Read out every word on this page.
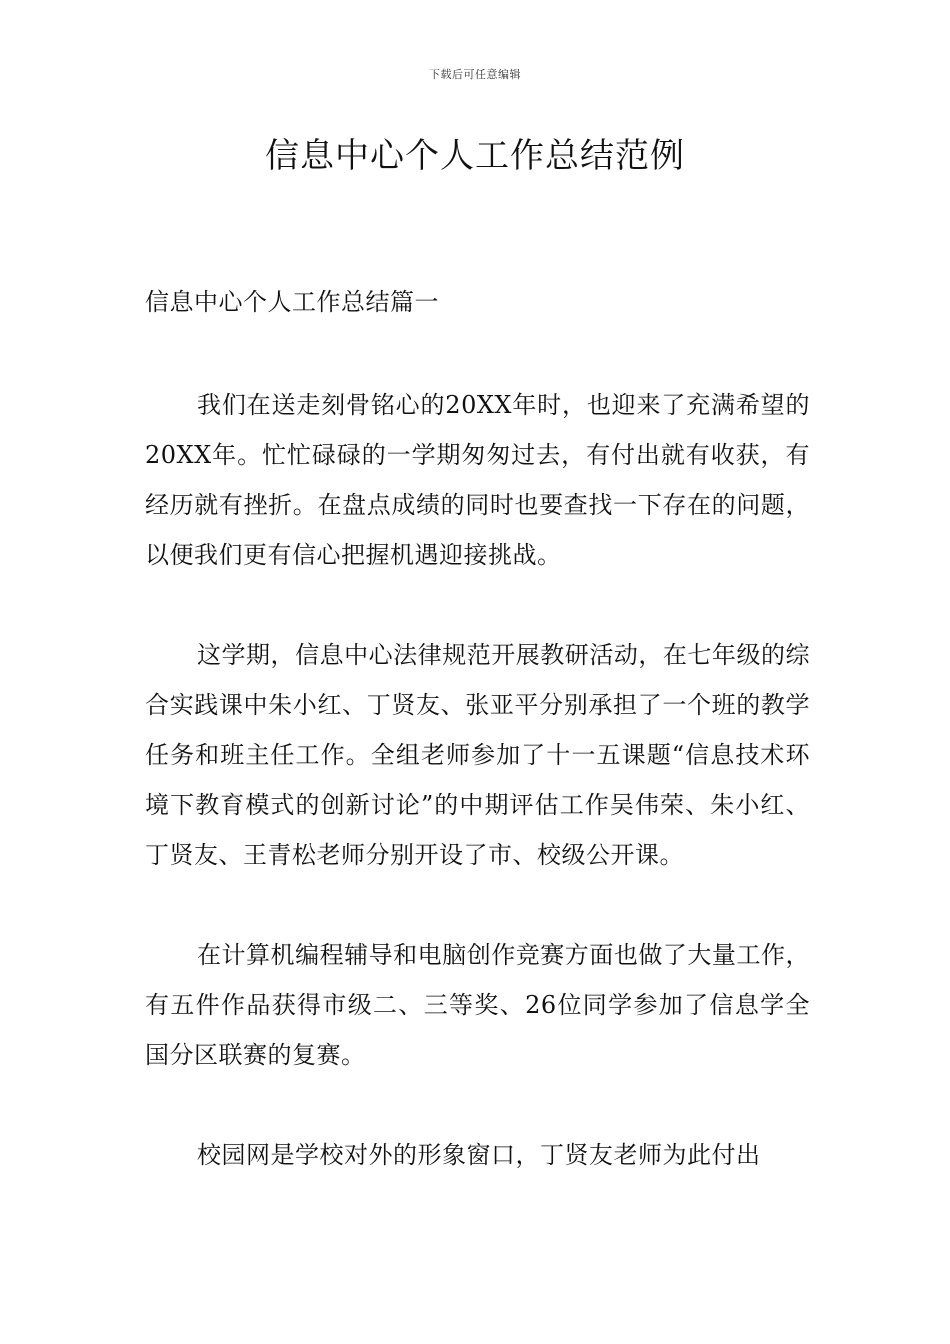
下载后可任意编辑
信息中心个人工作总结范例
信息中心个人工作总结篇一

我们在送走刻骨铭心的20XX年时，也迎来了充满希望的20XX年。忙忙碌碌的一学期匆匆过去，有付出就有收获，有经历就有挫折。在盘点成绩的同时也要查找一下存在的问题，以便我们更有信心把握机遇迎接挑战。

这学期，信息中心法律规范开展教研活动，在七年级的综合实践课中朱小红、丁贤友、张亚平分别承担了一个班的教学任务和班主任工作。全组老师参加了十一五课题“信息技术环境下教育模式的创新讨论”的中期评估工作吴伟荣、朱小红、丁贤友、王青松老师分别开设了市、校级公开课。

在计算机编程辅导和电脑创作竞赛方面也做了大量工作，有五件作品获得市级二、三等奖、26位同学参加了信息学全国分区联赛的复赛。

校园网是学校对外的形象窗口，丁贤友老师为此付出
